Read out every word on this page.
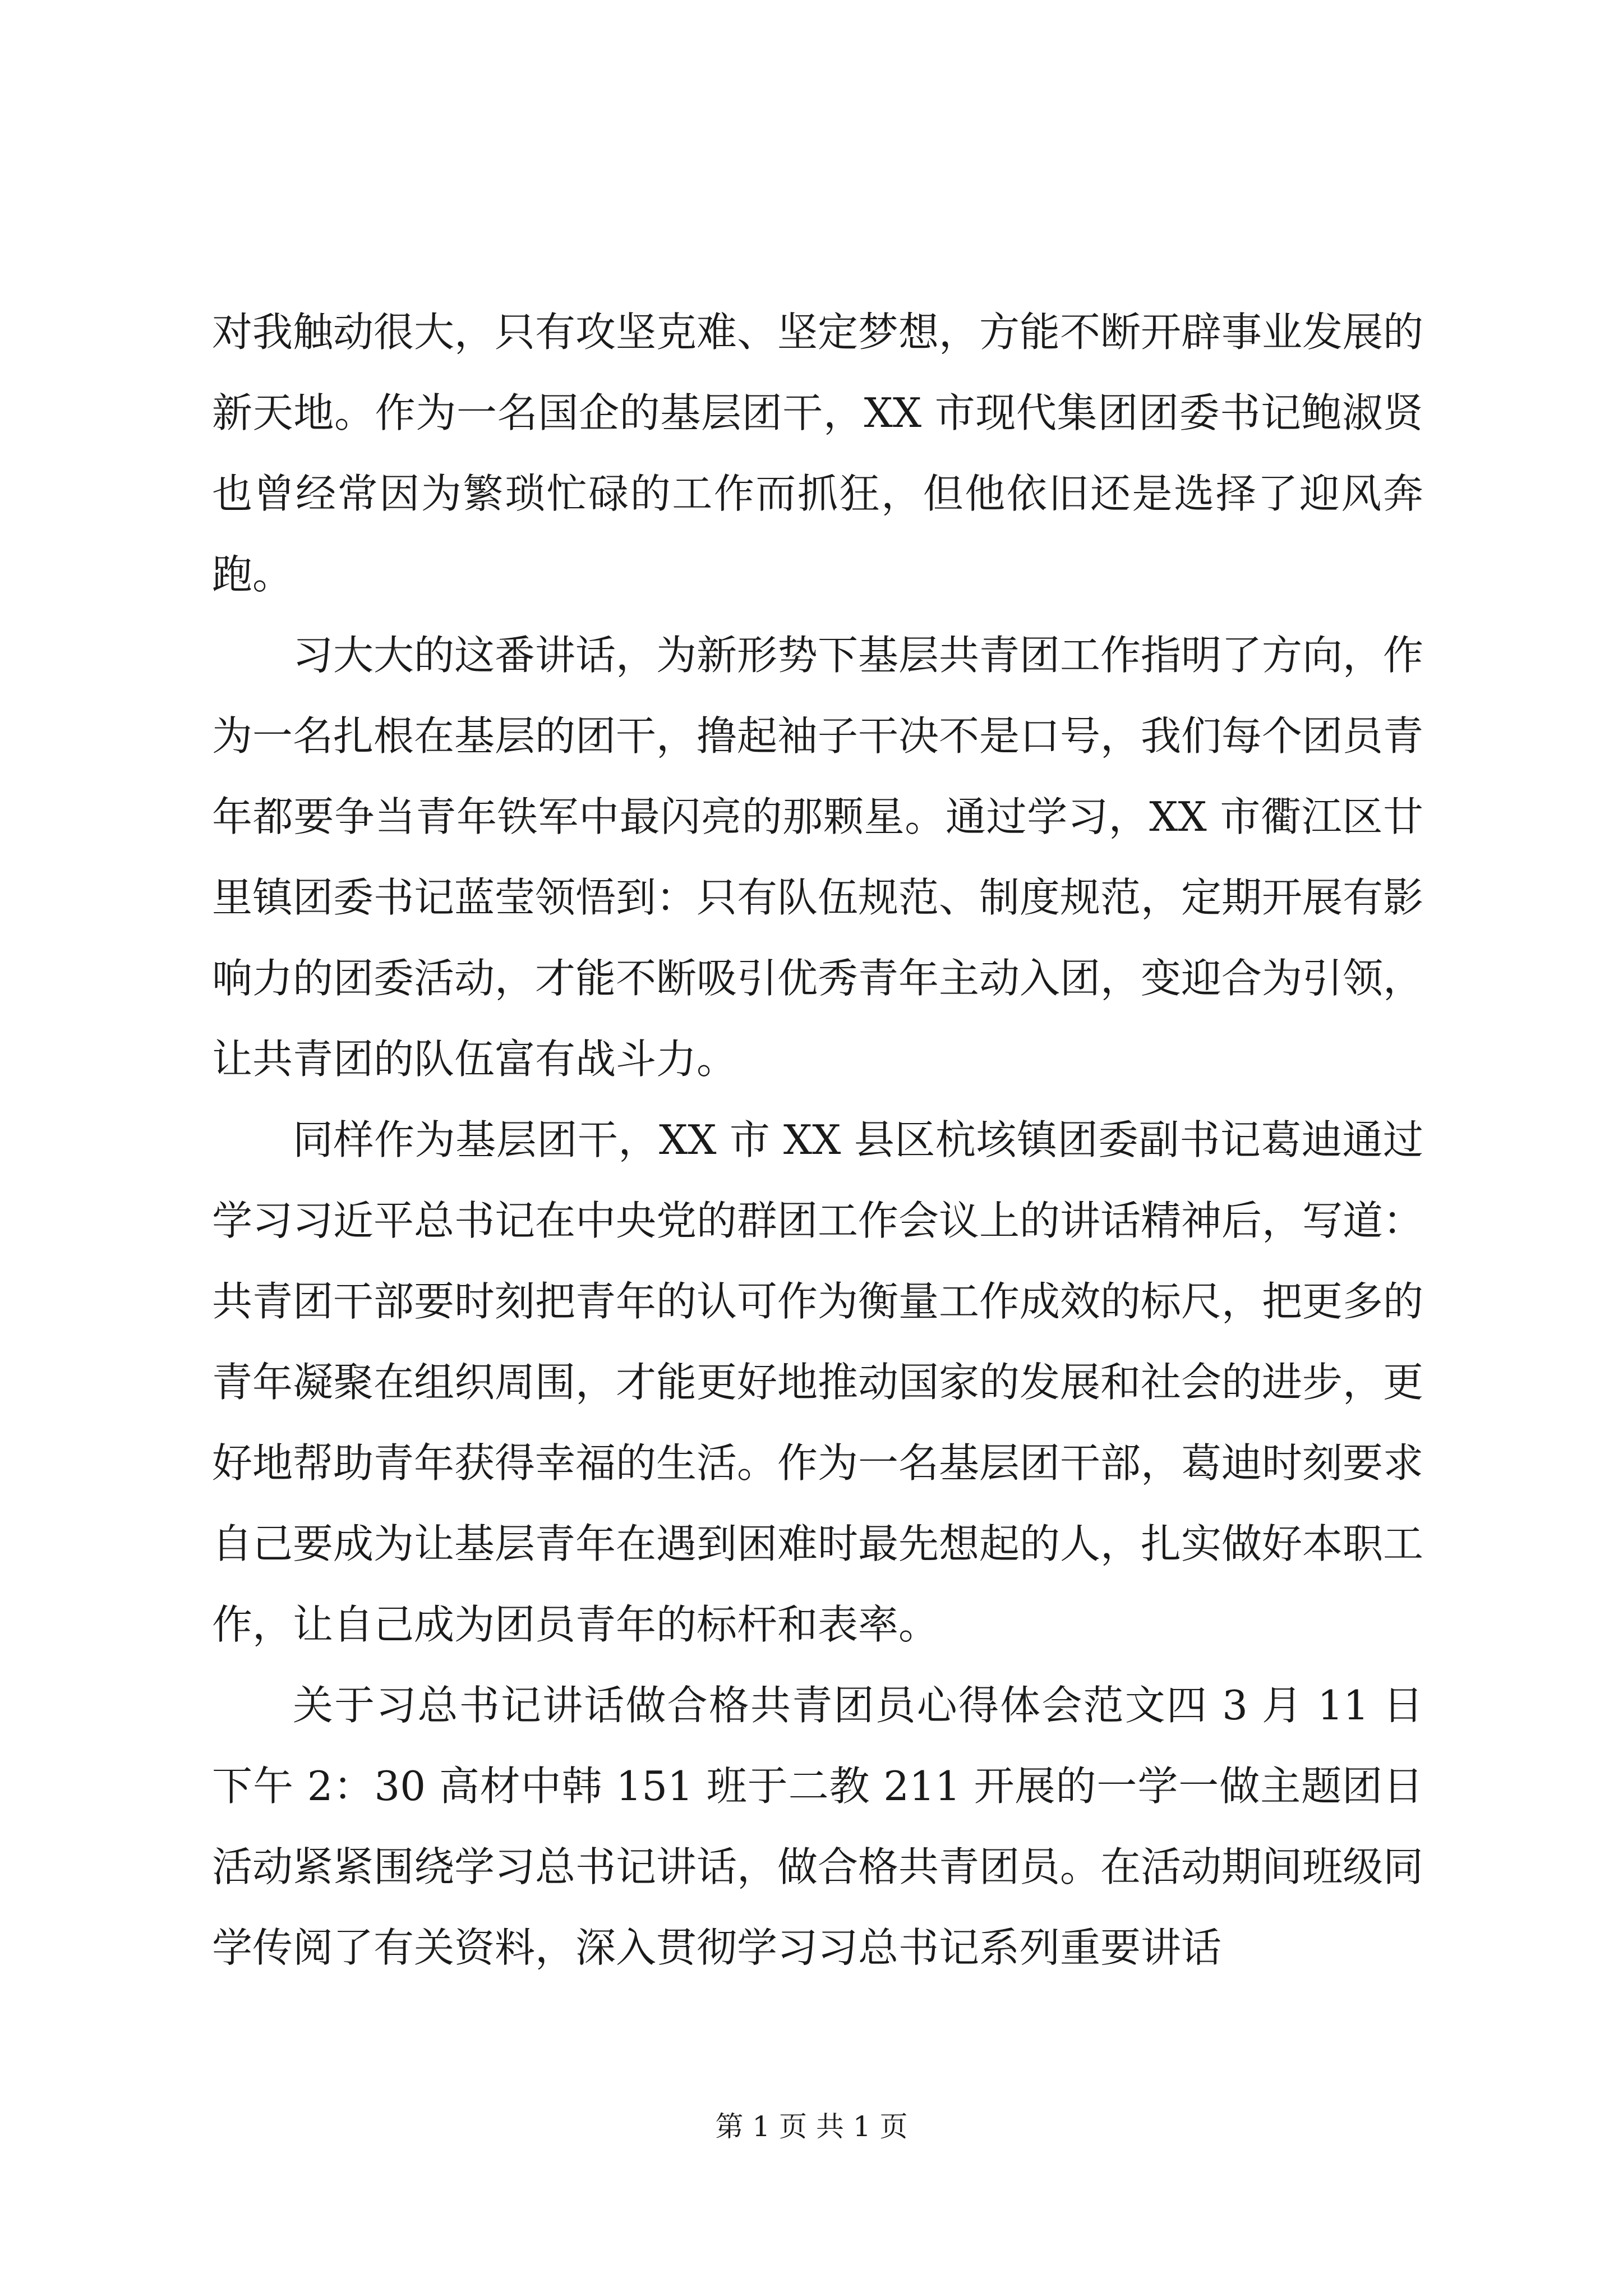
对我触动很大，只有攻坚克难、坚定梦想，方能不断开辟事业发展的新天地。作为一名国企的基层团干，XX 市现代集团团委书记鲍淑贤也曾经常因为繁琐忙碌的工作而抓狂，但他依旧还是选择了迎风奔跑。

习大大的这番讲话，为新形势下基层共青团工作指明了方向，作为一名扎根在基层的团干，撸起袖子干决不是口号，我们每个团员青年都要争当青年铁军中最闪亮的那颗星。通过学习，XX 市衢江区廿里镇团委书记蓝莹领悟到：只有队伍规范、制度规范，定期开展有影响力的团委活动，才能不断吸引优秀青年主动入团，变迎合为引领，让共青团的队伍富有战斗力。

同样作为基层团干，XX 市 XX 县区杭垓镇团委副书记葛迪通过学习习近平总书记在中央党的群团工作会议上的讲话精神后，写道：共青团干部要时刻把青年的认可作为衡量工作成效的标尺，把更多的青年凝聚在组织周围，才能更好地推动国家的发展和社会的进步，更好地帮助青年获得幸福的生活。作为一名基层团干部，葛迪时刻要求自己要成为让基层青年在遇到困难时最先想起的人，扎实做好本职工作，让自己成为团员青年的标杆和表率。

关于习总书记讲话做合格共青团员心得体会范文四 3 月 11 日下午 2：30 高材中韩 151 班于二教 211 开展的一学一做主题团日活动紧紧围绕学习总书记讲话，做合格共青团员。在活动期间班级同学传阅了有关资料，深入贯彻学习习总书记系列重要讲话

第 1 页 共 1 页
